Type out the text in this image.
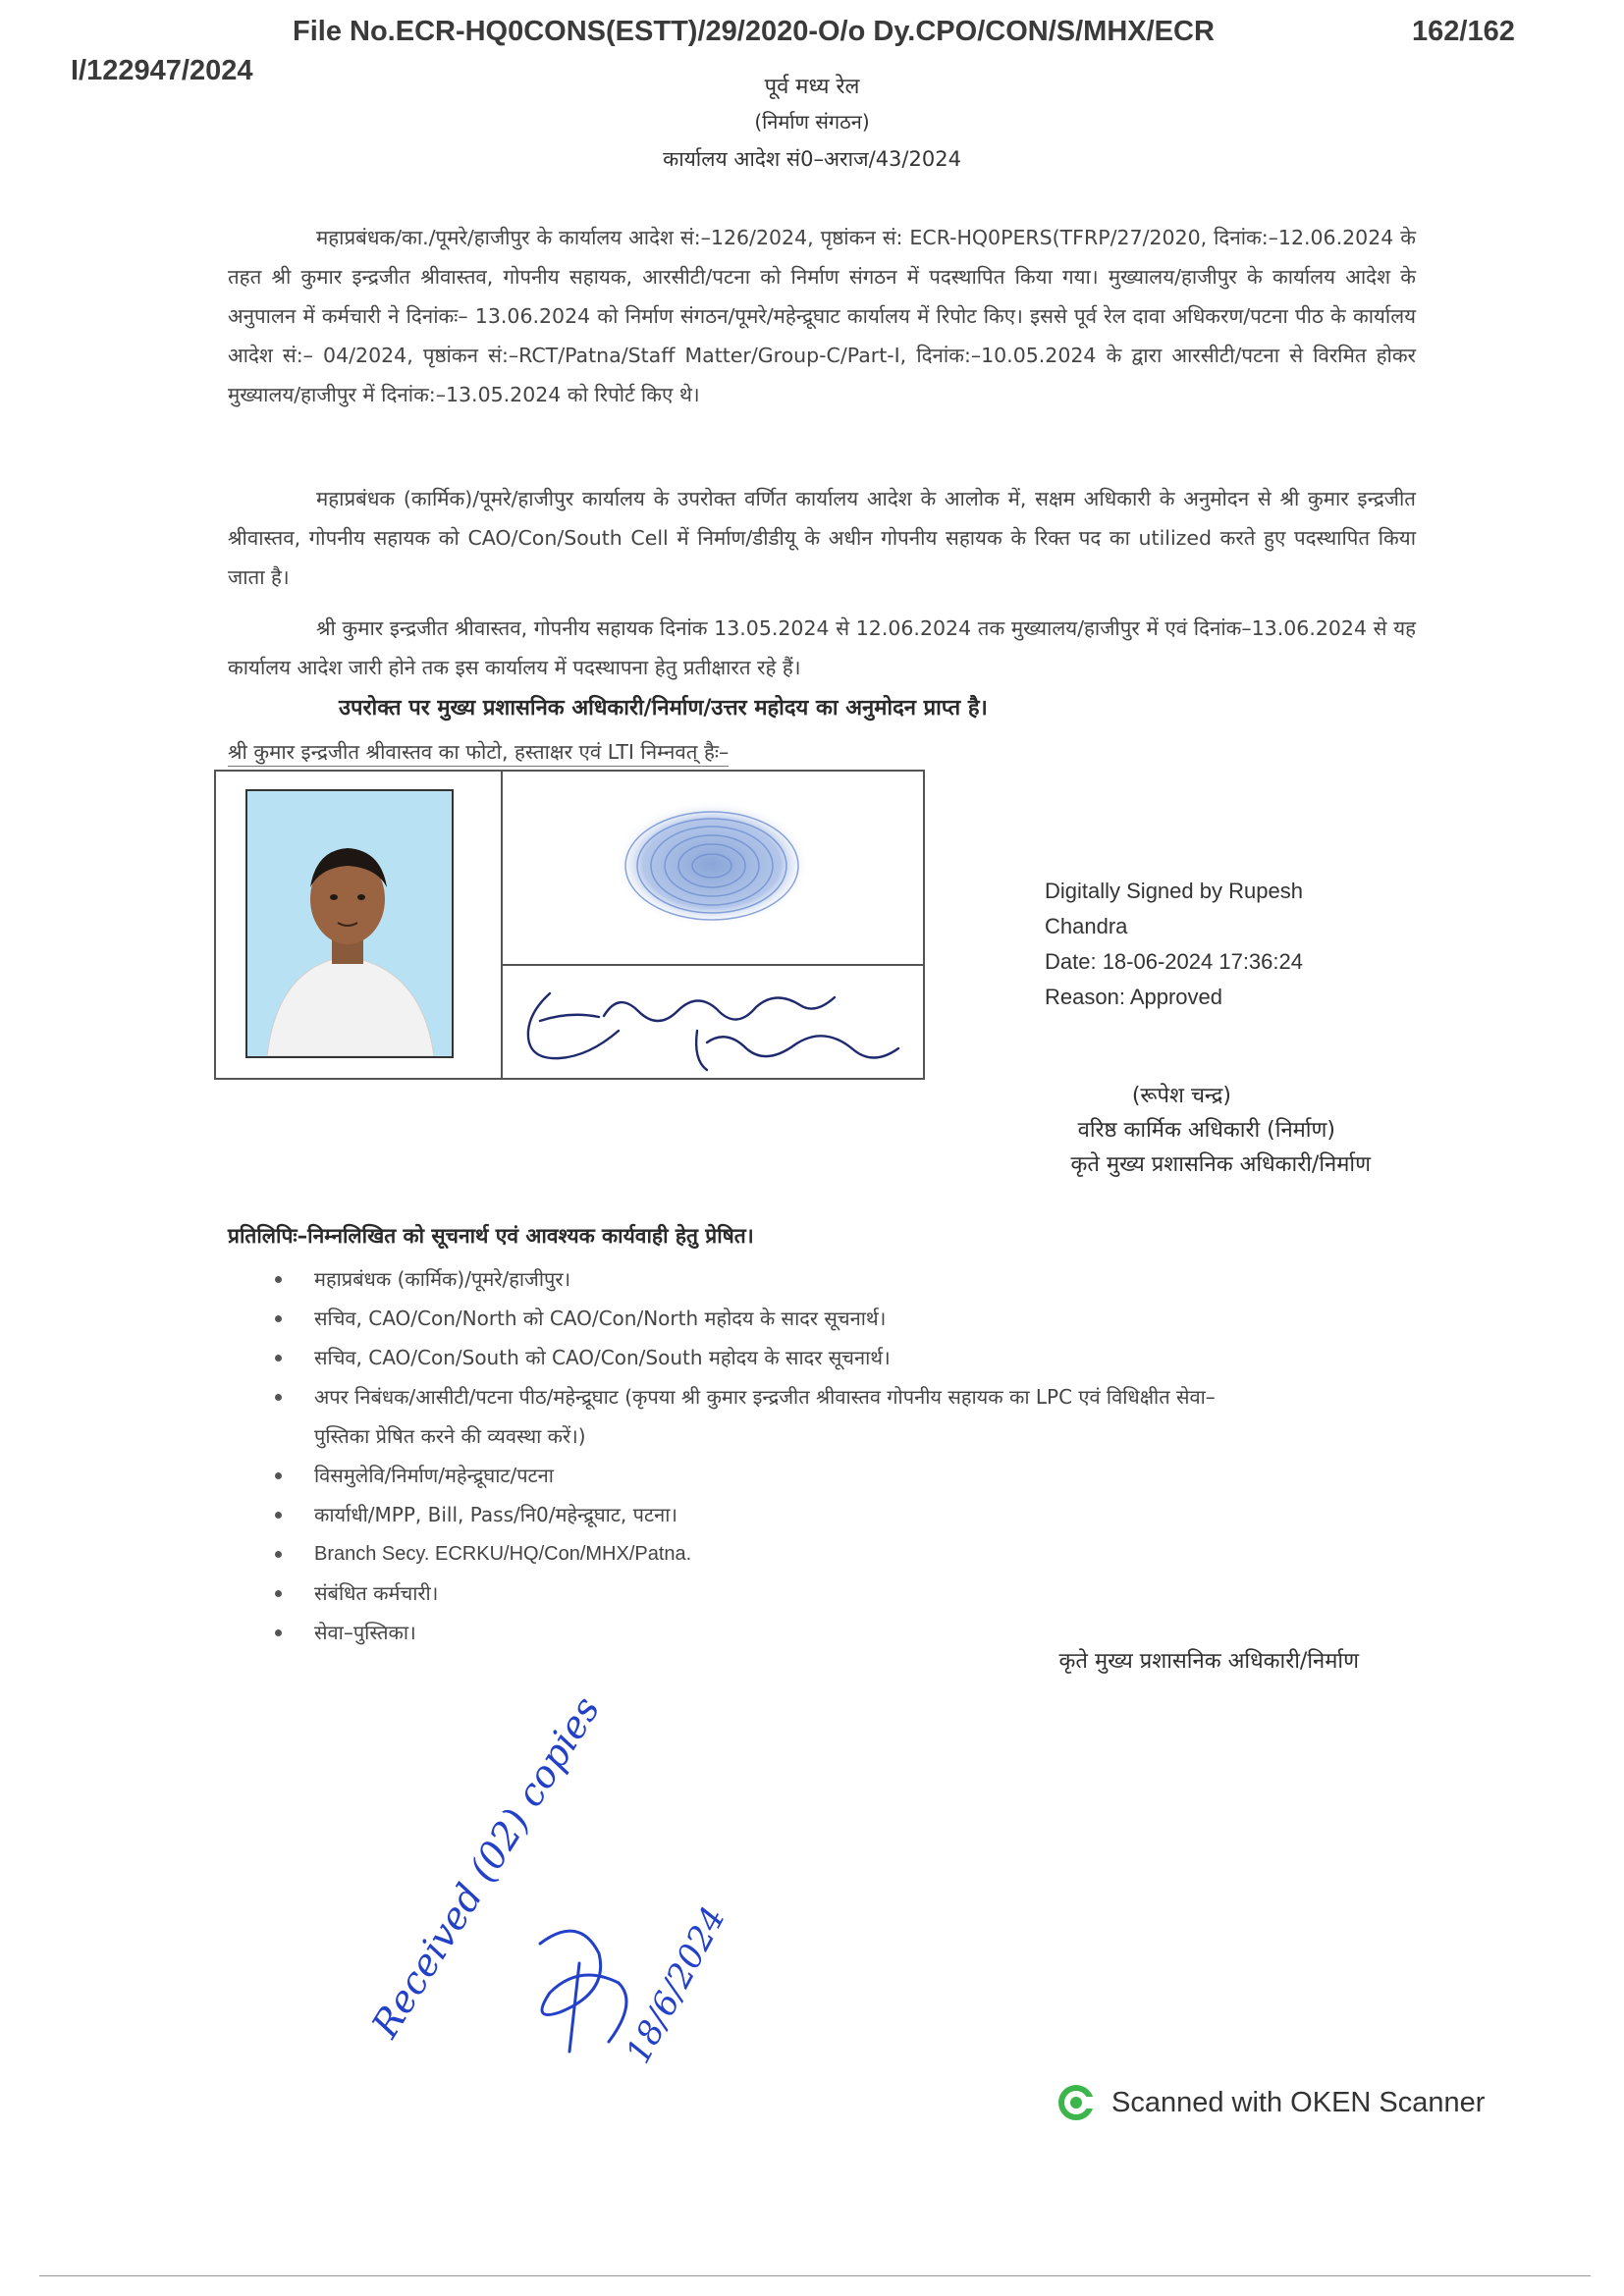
File No.ECR-HQ0CONS(ESTT)/29/2020-O/o Dy.CPO/CON/S/MHX/ECR	162/162
I/122947/2024
पूर्व मध्य रेल
(निर्माण संगठन)
कार्यालय आदेश सं0–अराज/43/2024
महाप्रबंधक/का./पूमरे/हाजीपुर के कार्यालय आदेश सं:–126/2024, पृष्ठांकन सं: ECR-HQ0PERS(TFRP/27/2020, दिनांक:–12.06.2024 के तहत श्री कुमार इन्द्रजीत श्रीवास्तव, गोपनीय सहायक, आरसीटी/पटना को निर्माण संगठन में पदस्थापित किया गया। मुख्यालय/हाजीपुर के कार्यालय आदेश के अनुपालन में कर्मचारी ने दिनांकः– 13.06.2024 को निर्माण संगठन/पूमरे/महेन्द्रूघाट कार्यालय में रिपोट किए। इससे पूर्व रेल दावा अधिकरण/पटना पीठ के कार्यालय आदेश सं:– 04/2024, पृष्ठांकन सं:–RCT/Patna/Staff Matter/Group-C/Part-I, दिनांक:–10.05.2024 के द्वारा आरसीटी/पटना से विरमित होकर मुख्यालय/हाजीपुर में दिनांक:–13.05.2024 को रिपोर्ट किए थे।
महाप्रबंधक (कार्मिक)/पूमरे/हाजीपुर कार्यालय के उपरोक्त वर्णित कार्यालय आदेश के आलोक में, सक्षम अधिकारी के अनुमोदन से श्री कुमार इन्द्रजीत श्रीवास्तव, गोपनीय सहायक को CAO/Con/South Cell में निर्माण/डीडीयू के अधीन गोपनीय सहायक के रिक्त पद का utilized करते हुए पदस्थापित किया जाता है।
श्री कुमार इन्द्रजीत श्रीवास्तव, गोपनीय सहायक दिनांक 13.05.2024 से 12.06.2024 तक मुख्यालय/हाजीपुर में एवं दिनांक–13.06.2024 से यह कार्यालय आदेश जारी होने तक इस कार्यालय में पदस्थापना हेतु प्रतीक्षारत रहे हैं।
उपरोक्त पर मुख्य प्रशासनिक अधिकारी/निर्माण/उत्तर महोदय का अनुमोदन प्राप्त है।
श्री कुमार इन्द्रजीत श्रीवास्तव का फोटो, हस्ताक्षर एवं LTI निम्नवत् हैः–
Digitally Signed by Rupesh
Chandra
Date: 18-06-2024 17:36:24
Reason: Approved
(रूपेश चन्द्र)
वरिष्ठ कार्मिक अधिकारी (निर्माण)
कृते मुख्य प्रशासनिक अधिकारी/निर्माण
प्रतिलिपिः–निम्नलिखित को सूचनार्थ एवं आवश्यक कार्यवाही हेतु प्रेषित।
महाप्रबंधक (कार्मिक)/पूमरे/हाजीपुर।
सचिव, CAO/Con/North को CAO/Con/North महोदय के सादर सूचनार्थ।
सचिव, CAO/Con/South को CAO/Con/South महोदय के सादर सूचनार्थ।
अपर निबंधक/आसीटी/पटना पीठ/महेन्द्रूघाट (कृपया श्री कुमार इन्द्रजीत श्रीवास्तव गोपनीय सहायक का LPC एवं विधिक्षीत सेवा–पुस्तिका प्रेषित करने की व्यवस्था करें।)
विसमुलेवि/निर्माण/महेन्द्रूघाट/पटना
कार्याधी/MPP, Bill, Pass/नि0/महेन्द्रूघाट, पटना।
Branch Secy. ECRKU/HQ/Con/MHX/Patna.
संबंधित कर्मचारी।
सेवा–पुस्तिका।
कृते मुख्य प्रशासनिक अधिकारी/निर्माण
Received (02) copies 18/6/2024
Scanned with OKEN Scanner
